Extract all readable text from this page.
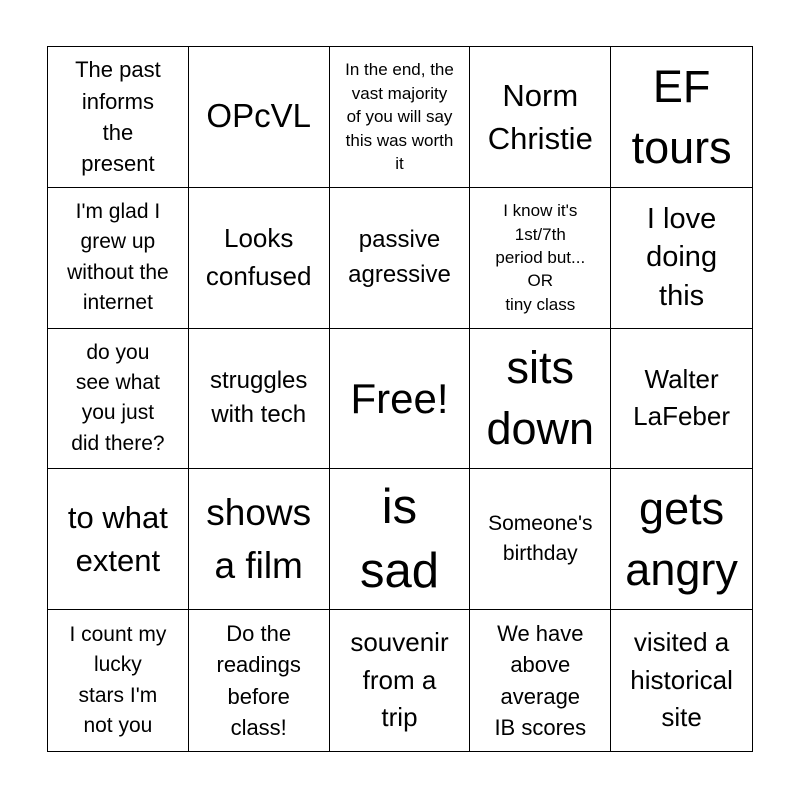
The past
informs
the
present
OPcVL
In the end, the
vast majority
of you will say
this was worth
it
Norm
Christie
EF
tours
I'm glad I
grew up
without the
internet
Looks
confused
passive
agressive
I know it's
1st/7th
period but...
OR
tiny class
I love
doing
this
do you
see what
you just
did there?
struggles
with tech Free!
sits
down
Walter
LaFeber
to what
extent
shows
a film
is
sad
Someone's
birthday
gets
angry
I count my
lucky
stars I'm
not you
Do the
readings
before
class!
souvenir
from a
trip
We have
above
average
IB scores
visited a
historical
site
